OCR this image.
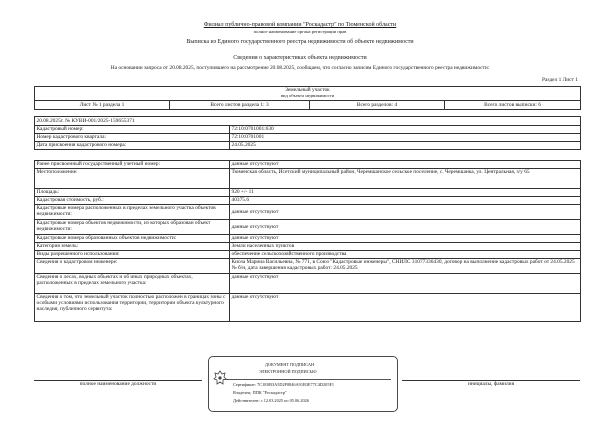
Филиал публично-правовой компании "Роскадастр" по Тюменской области
полное наименование органа регистрации прав
Выписка из Единого государственного реестра недвижимости об объекте недвижимости
Сведения о характеристиках объекта недвижимости
На основании запроса от 20.08.2025, поступившего на рассмотрение 20.08.2025, сообщаем, что согласно записям Единого государственного реестра недвижимости:
Раздел 1 Лист 1
Земельный участок
вид объекта недвижимости

Лист № 1 раздела 1	Всего листов раздела 1: 3	Всего разделов: 4	Всего листов выписки: 6
20.08.2025г. № КУВИ-001/2025-159655371	
Кадастровый номер:	72:10:0701001:630
Номер кадастрового квартала:	72:10:0701001
Дата присвоения кадастрового номера:	24.05.2025
Ранее присвоенный государственный учетный номер:	данные отсутствуют
Местоположение:	Тюменская область, Исетский муниципальный район, Черемшанское сельское поселение, с. Черемшанка, ул. Центральная, з/у 65
Площадь:	920 +/- 11
Кадастровая стоимость, руб.:	40375.6
Кадастровые номера расположенных в пределах земельного участка объектов недвижимости:	данные отсутствуют
Кадастровые номера объектов недвижимости, из которых образован объект недвижимости:	данные отсутствуют
Кадастровые номера образованных объектов недвижимости:	данные отсутствуют
Категория земель:	Земли населенных пунктов
Виды разрешенного использования:	обеспечение сельскохозяйственного производства
Сведения о кадастровом инженере:	Киоза Марина Васильевна, № 771, в Союз "Кадастровые инженеры", СНИЛС 31077336430, договор на выполнение кадастровых работ от 24.05.2025 № б/н, дата завершения кадастровых работ: 24.05.2025
Сведения о лесах, водных объектах и об иных природных объектах, расположенных в пределах земельного участка:	данные отсутствуют
Сведения о том, что земельный участок полностью расположен в границах зоны с особыми условиями использования территории, территории объекта культурного наследия, публичного сервитута:	данные отсутствуют
полное наименование должности	инициалы, фамилия
ДОКУМЕНТ ПОДПИСАН
ЭЛЕКТРОННОЙ ПОДПИСЬЮ
Сертификат: 7C1E0B3A5D2F8846A91B3E77C4D205F1
Владелец: ППК "Роскадастр"
Действителен: с 12.03.2025 по 05.06.2026
